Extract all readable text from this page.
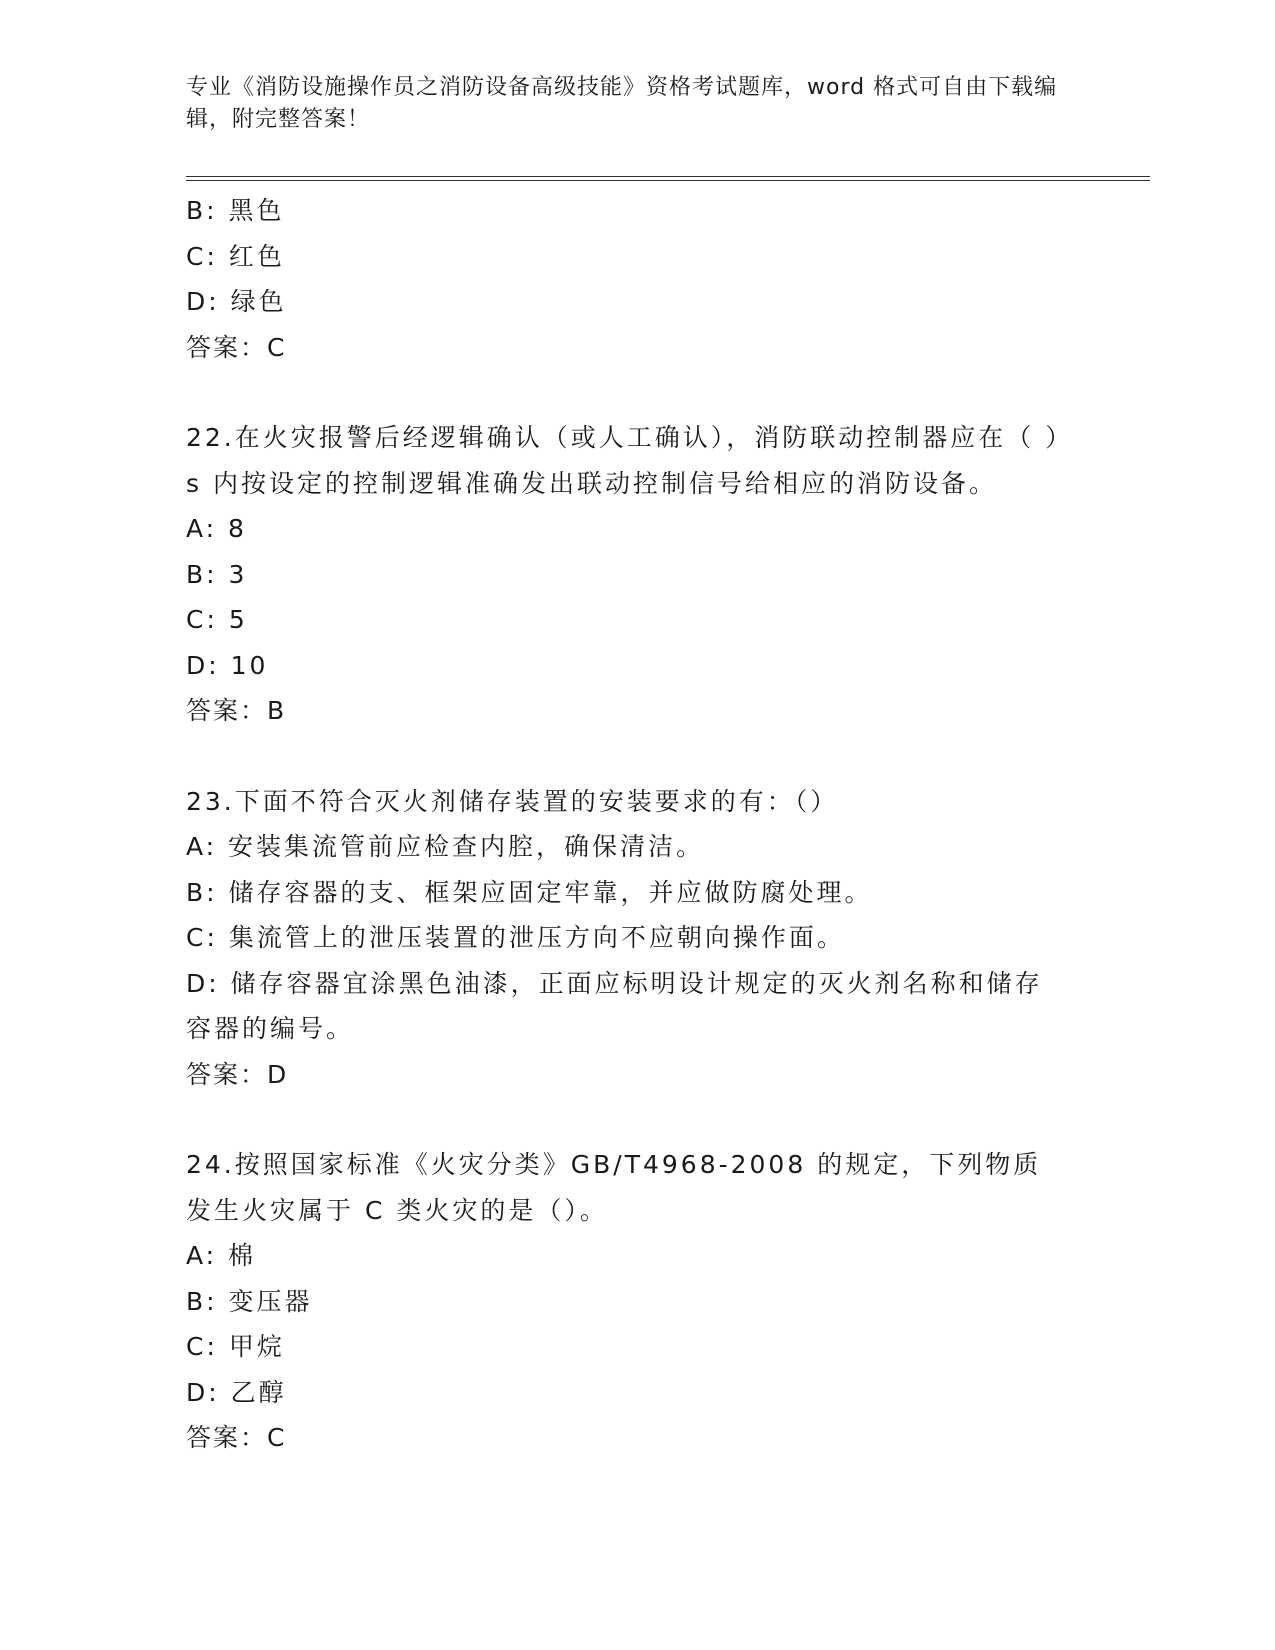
专业《消防设施操作员之消防设备高级技能》资格考试题库，word 格式可自由下载编辑，附完整答案！
B: 黑色
C: 红色
D: 绿色
答案：C
22.在火灾报警后经逻辑确认（或人工确认），消防联动控制器应在（ ）s 内按设定的控制逻辑准确发出联动控制信号给相应的消防设备。
A: 8
B: 3
C: 5
D: 10
答案：B
23.下面不符合灭火剂储存装置的安装要求的有：（）
A: 安装集流管前应检查内腔，确保清洁。
B: 储存容器的支、框架应固定牢靠，并应做防腐处理。
C: 集流管上的泄压装置的泄压方向不应朝向操作面。
D: 储存容器宜涂黑色油漆，正面应标明设计规定的灭火剂名称和储存容器的编号。
答案：D
24.按照国家标准《火灾分类》GB/T4968-2008 的规定，下列物质发生火灾属于 C 类火灾的是（）。
A: 棉
B: 变压器
C: 甲烷
D: 乙醇
答案：C
